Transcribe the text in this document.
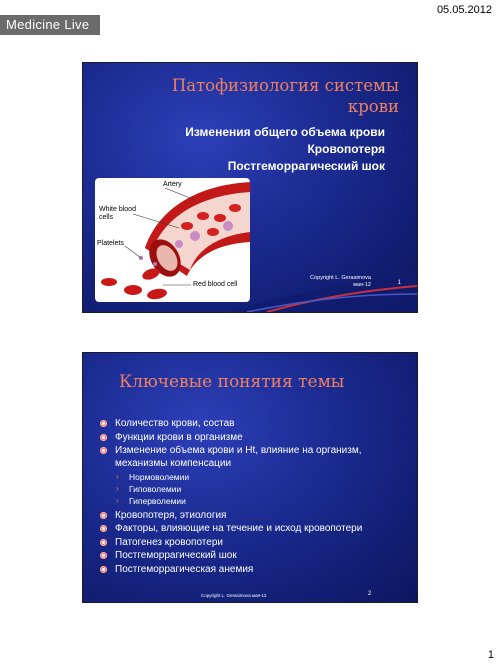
05.05.2012
Medicine Live
Патофизиология системы крови
Изменения общего объема крови
Кровопотеря
Постгеморрагический шок
Artery
White blood
cells
Platelets
Red blood cell
Copyright L. Gerasimova
мая-12	1
Ключевые понятия темы
Количество крови, состав
Функции крови в организме
Изменение объема крови и Ht, влияние на организм, механизмы компенсации
› Нормоволемии
› Гиповолемии
› Гиперволемии
Кровопотеря, этиология
Факторы, влияющие на течение и исход кровопотери
Патогенез кровопотери
Постгеморрагический шок
Постгеморрагическая анемия
Copyright L. Gerasimova мая-12	2
1
